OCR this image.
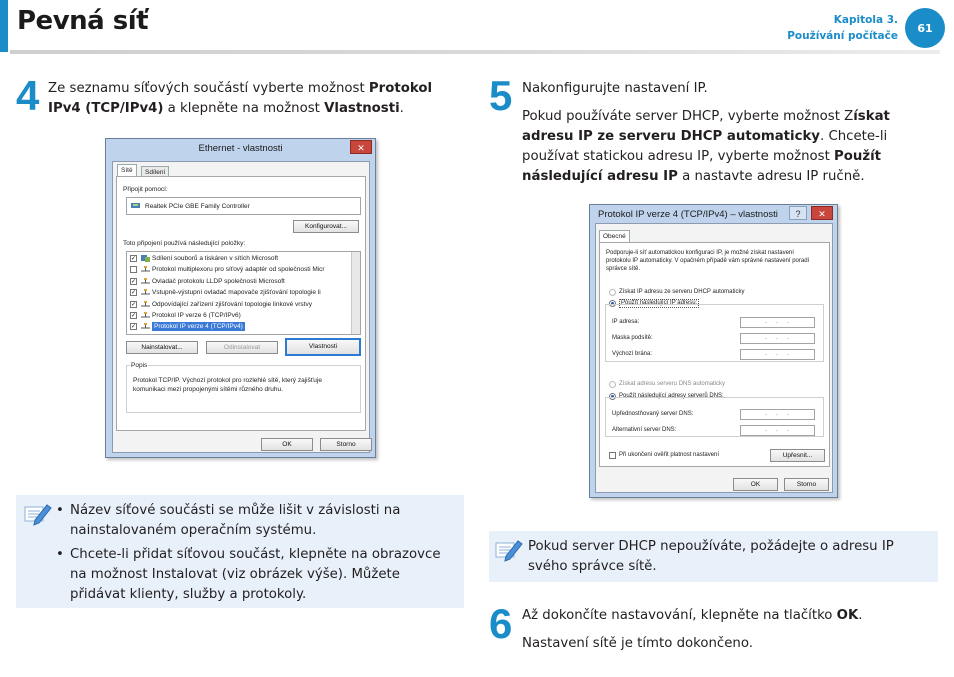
Pevná síť	Kapitola 3.
Používání počítače
61
4 Ze seznamu síťových součástí vyberte možnost Protokol IPv4 (TCP/IPv4) a klepněte na možnost Vlastnosti.
Ethernet - vlastnosti	✕
Sítě	Sdílení
Připojit pomocí:
Realtek PCIe GBE Family Controller
Konfigurovat...
Toto připojení používá následující položky:
✓ Sdílení souborů a tiskáren v sítích Microsoft
Protokol multiplexoru pro síťový adaptér od společnosti Micr
✓ Ovladač protokolu LLDP společnosti Microsoft
✓ Vstupně-výstupní ovladač mapovače zjišťování topologie li
✓ Odpovídající zařízení zjišťování topologie linkové vrstvy
✓ Protokol IP verze 6 (TCP/IPv6)
✓	Protokol IP verze 4 (TCP/IPv4)
Nainstalovat...	Odinstalovat	Vlastnosti
Popis
Protokol TCP/IP. Výchozí protokol pro rozlehlé sítě, který zajišťuje komunikaci mezi propojenými sítěmi různého druhu.
OK	Storno
• Název síťové součásti se může lišit v závislosti na nainstalovaném operačním systému.
• Chcete-li přidat síťovou součást, klepněte na obrazovce na možnost Instalovat (viz obrázek výše). Můžete přidávat klienty, služby a protokoly.
5 Nakonfigurujte nastavení IP.

Pokud používáte server DHCP, vyberte možnost Získat adresu IP ze serveru DHCP automaticky. Chcete-li používat statickou adresu IP, vyberte možnost Použít následující adresu IP a nastavte adresu IP ručně.

Protokol IP verze 4 (TCP/IPv4) – vlastnosti	?	✕
Obecné
Podporuje-li síť automatickou konfiguraci IP, je možné získat nastavení protokolu IP automaticky. V opačném případě vám správné nastavení poradí správce sítě.
Získat IP adresu ze serveru DHCP automaticky
Použít následující IP adresu:
IP adresa:	...
Maska podsítě:	...
Výchozí brána:	...
Získat adresu serveru DNS automaticky
Použít následující adresy serverů DNS:
Upřednostňovaný server DNS:	...
Alternativní server DNS:	...
Při ukončení ověřit platnost nastavení	Upřesnit...
OK	Storno
Pokud server DHCP nepoužíváte, požádejte o adresu IP svého správce sítě.
6 Až dokončíte nastavování, klepněte na tlačítko OK.

Nastavení sítě je tímto dokončeno.
